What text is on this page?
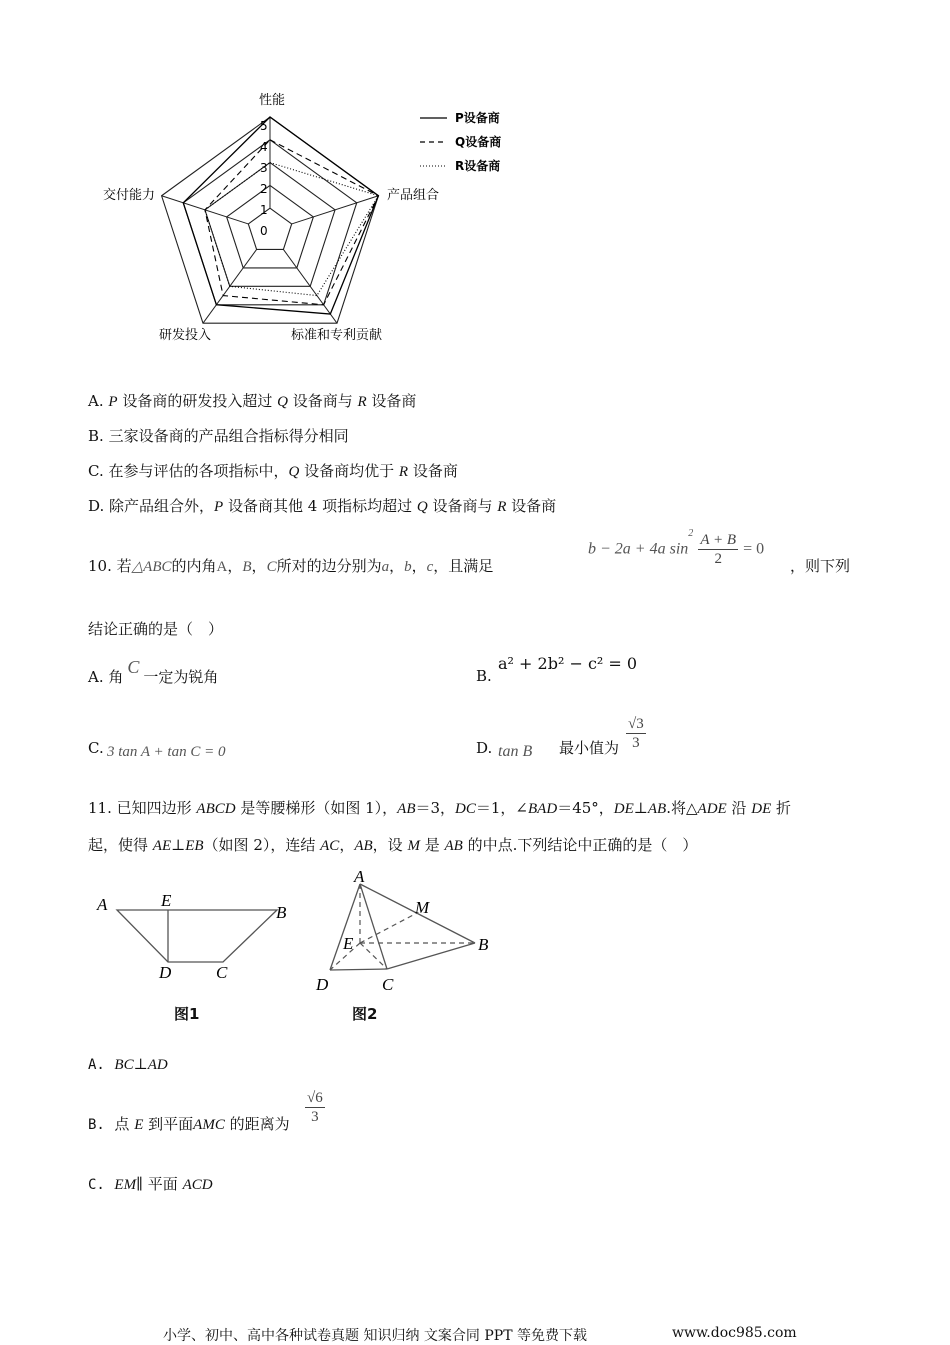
0
1
2
3
4
5
性能
产品组合
标准和专利贡献
研发投入
交付能力
P设备商
Q设备商
R设备商
A. P 设备商的研发投入超过 Q 设备商与 R 设备商
B. 三家设备商的产品组合指标得分相同
C. 在参与评估的各项指标中，Q 设备商均优于 R 设备商
D. 除产品组合外，P 设备商其他 4 项指标均超过 Q 设备商与 R 设备商
10. 若△ABC的内角A，B，C所对的边分别为a，b，c，且满足
b − 2a + 4a $\sin^2 \frac{A + B}{2} = 0$
，则下列
结论正确的是（　）
A. 角 C 一定为锐角	B.
a² + 2b² − c² = 0
C. 3 tan A + tan C = 0	D. tan B 最小值为 $\frac{√3}{3}$
11. 已知四边形 ABCD 是等腰梯形（如图 1），AB＝3，DC＝1，∠BAD＝45°，DE⊥AB.将△ADE 沿 DE 折
起，使得 AE⊥EB（如图 2），连结 AC，AB，设 M 是 AB 的中点.下列结论中正确的是（　）
A	E
B
D	C
A
M
E	B
D	C
图1	图2
A. BC⊥AD
B. 点 E 到平面AMC 的距离为 $\frac{√6}{3}$
C. EM∥ 平面 ACD
小学、初中、高中各种试卷真题 知识归纳 文案合同 PPT 等免费下载	www.doc985.com
